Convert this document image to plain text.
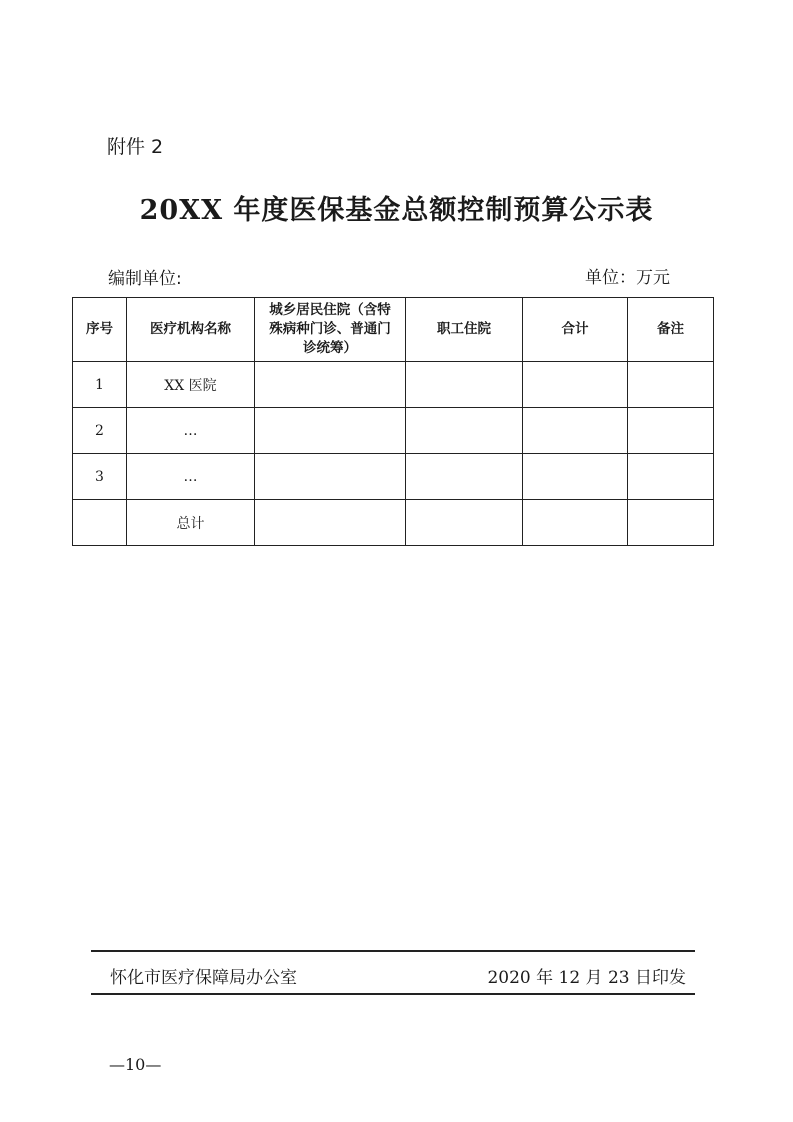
附件 2
20XX 年度医保基金总额控制预算公示表
编制单位:	单位：万元
序号	医疗机构名称	城乡居民住院（含特殊病种门诊、普通门诊统筹）	职工住院	合计	备注
1	XX 医院				
2	…				
3	…				
	总计				
怀化市医疗保障局办公室	2020 年 12 月 23 日印发
—10—
